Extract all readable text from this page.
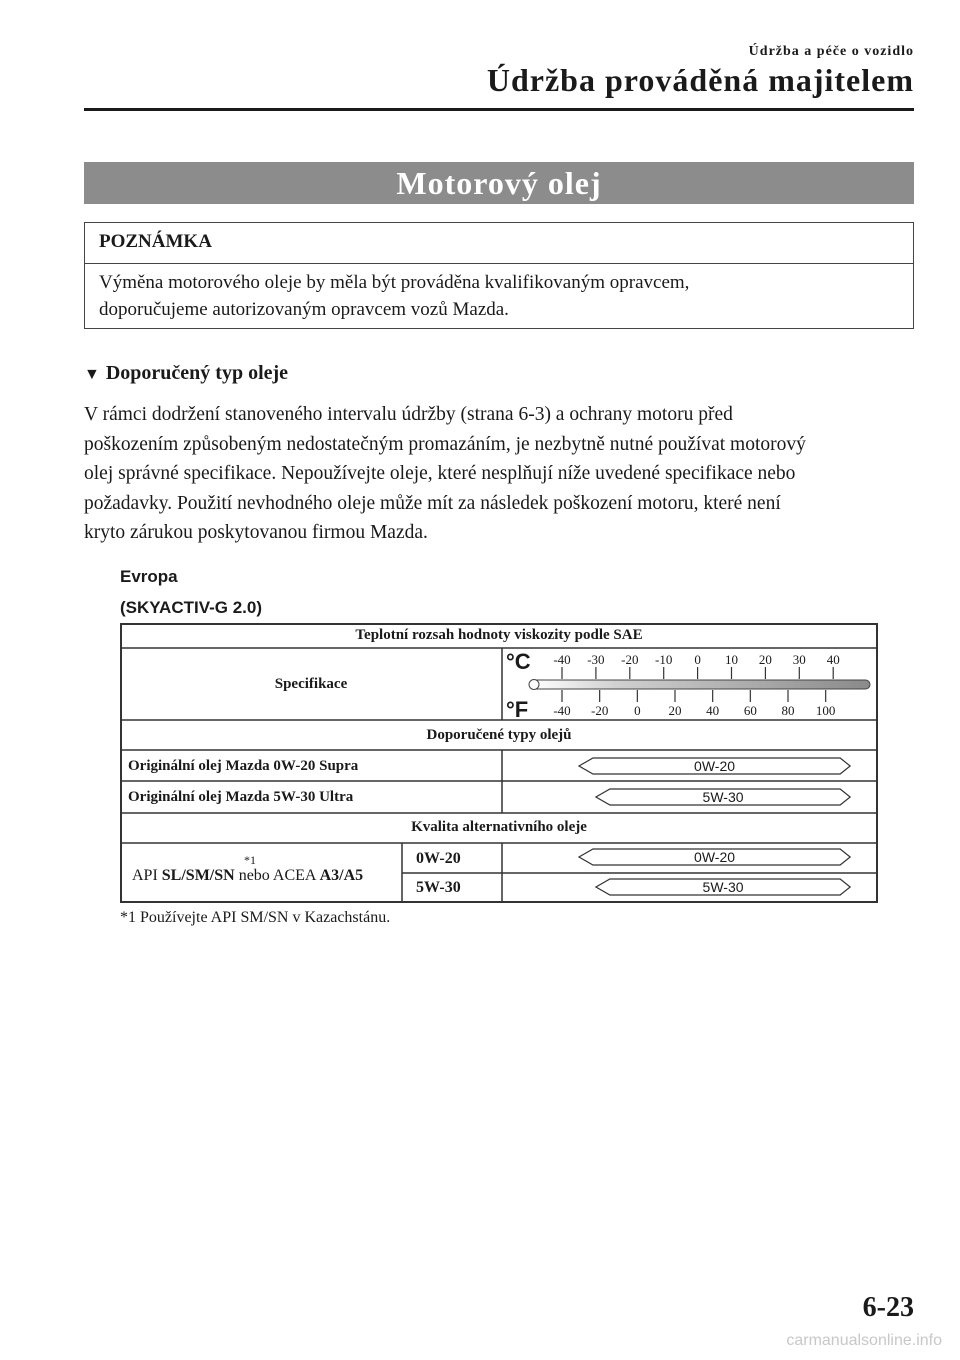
Údržba a péče o vozidlo
Údržba prováděná majitelem
Motorový olej
POZNÁMKA
Výměna motorového oleje by měla být prováděna kvalifikovaným opravcem,
doporučujeme autorizovaným opravcem vozů Mazda.
▼ Doporučený typ oleje
V rámci dodržení stanoveného intervalu údržby (strana 6-3) a ochrany motoru před
poškozením způsobeným nedostatečným promazáním, je nezbytně nutné používat motorový
olej správné specifikace. Nepoužívejte oleje, které nesplňují níže uvedené specifikace nebo
požadavky. Použití nevhodného oleje může mít za následek poškození motoru, které není
kryto zárukou poskytovanou firmou Mazda.
Evropa
(SKYACTIV-G 2.0)
°C
°F
-40 -30 -20 -10 0 10 20 30 40
-40 -20 0 20 40 60 80 100
0W-20
5W-30
0W-20
5W-30
Teplotní rozsah hodnoty viskozity podle SAE
Specifikace
Doporučené typy olejů
Originální olej Mazda 0W-20 Supra
Originální olej Mazda 5W-30 Ultra
Kvalita alternativního oleje
*1
API SL/SM/SN nebo ACEA A3/A5
0W-20
5W-30
*1 Používejte API SM/SN v Kazachstánu.
6-23
carmanualsonline.info
